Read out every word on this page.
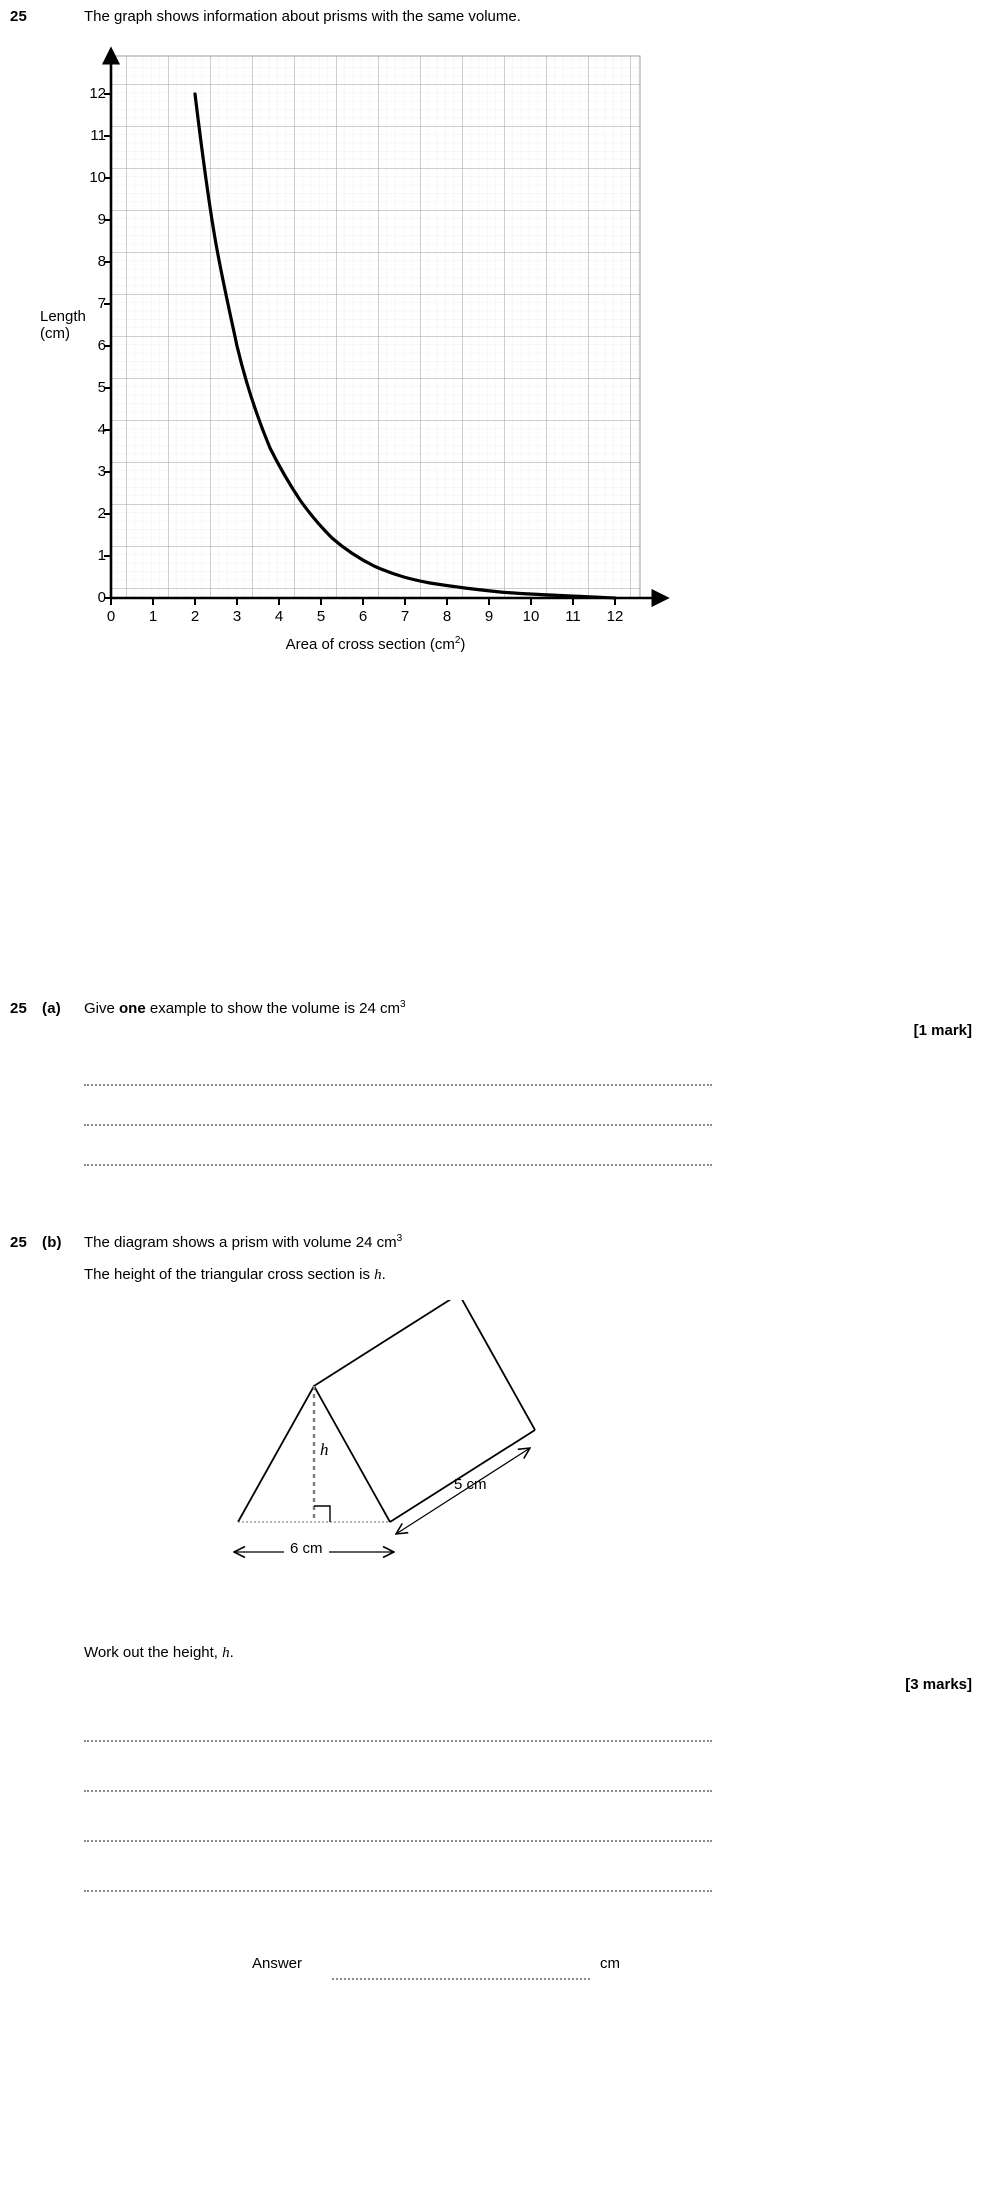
25	The graph shows information about prisms with the same volume.
Length
(cm)
0
1
2
3
4
5
6
7
8
9
10
11
12
0	1	2	3	4	5	6	7	8	9	10	11	12
Area of cross section $(cm^2)$
25 (a) Give one example to show the volume is 24 $cm^3$
[1 mark]
25 (b) The diagram shows a prism with volume 24 $cm^3$
The height of the triangular cross section is h.
h
6 cm
5 cm
Work out the height, h.
[3 marks]
Answer	cm
